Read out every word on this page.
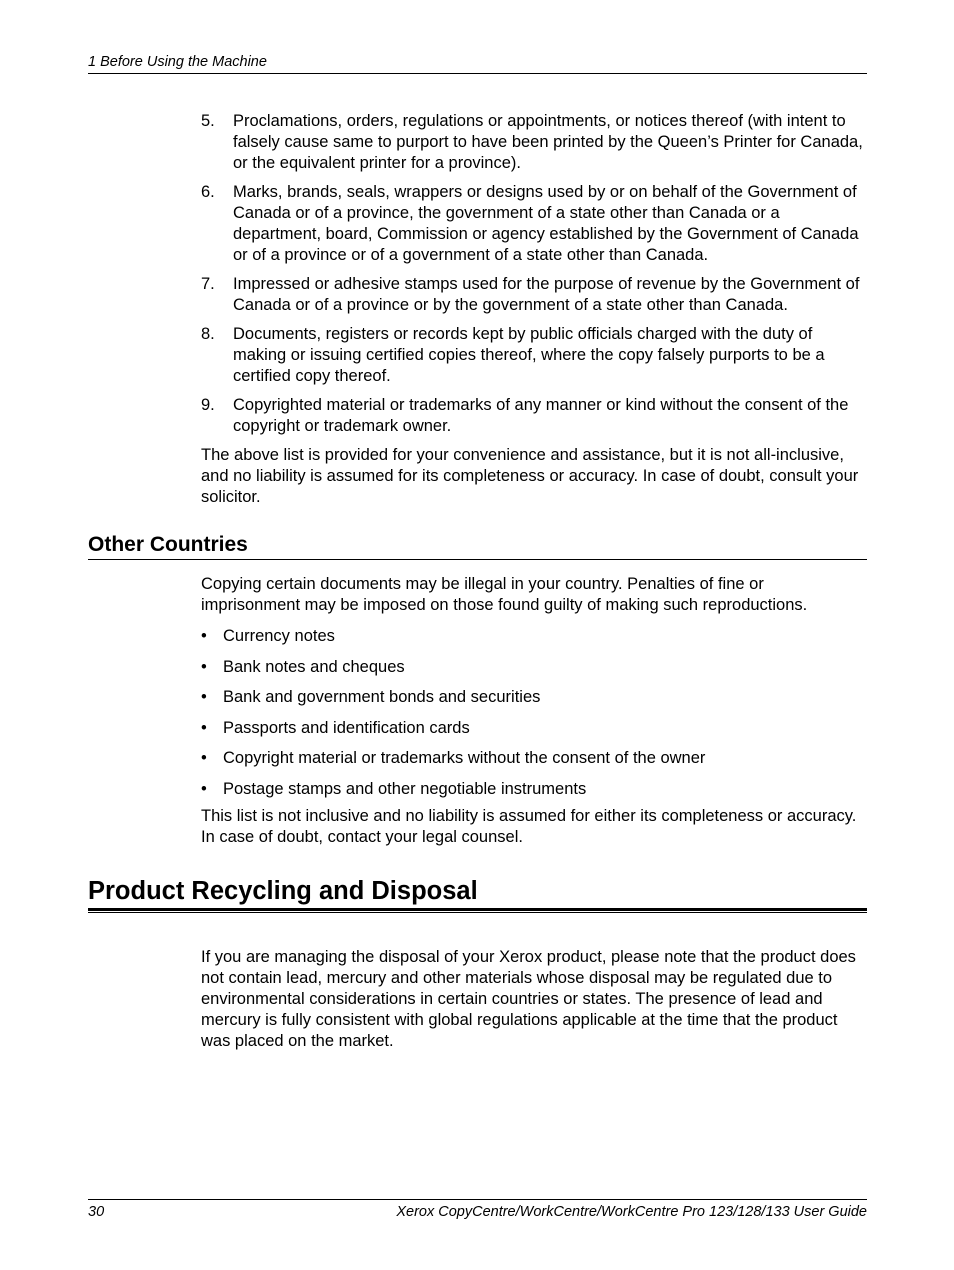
1 Before Using the Machine
5. Proclamations, orders, regulations or appointments, or notices thereof (with intent to falsely cause same to purport to have been printed by the Queen’s Printer for Canada, or the equivalent printer for a province).
6. Marks, brands, seals, wrappers or designs used by or on behalf of the Government of Canada or of a province, the government of a state other than Canada or a department, board, Commission or agency established by the Government of Canada or of a province or of a government of a state other than Canada.
7. Impressed or adhesive stamps used for the purpose of revenue by the Government of Canada or of a province or by the government of a state other than Canada.
8. Documents, registers or records kept by public officials charged with the duty of making or issuing certified copies thereof, where the copy falsely purports to be a certified copy thereof.
9. Copyrighted material or trademarks of any manner or kind without the consent of the copyright or trademark owner.

The above list is provided for your convenience and assistance, but it is not all-inclusive, and no liability is assumed for its completeness or accuracy. In case of doubt, consult your solicitor.

Other Countries

Copying certain documents may be illegal in your country. Penalties of fine or imprisonment may be imposed on those found guilty of making such reproductions.

• Currency notes
• Bank notes and cheques
• Bank and government bonds and securities
• Passports and identification cards
• Copyright material or trademarks without the consent of the owner
• Postage stamps and other negotiable instruments

This list is not inclusive and no liability is assumed for either its completeness or accuracy. In case of doubt, contact your legal counsel.

Product Recycling and Disposal

If you are managing the disposal of your Xerox product, please note that the product does not contain lead, mercury and other materials whose disposal may be regulated due to environmental considerations in certain countries or states. The presence of lead and mercury is fully consistent with global regulations applicable at the time that the product was placed on the market.

30	Xerox CopyCentre/WorkCentre/WorkCentre Pro 123/128/133 User Guide
